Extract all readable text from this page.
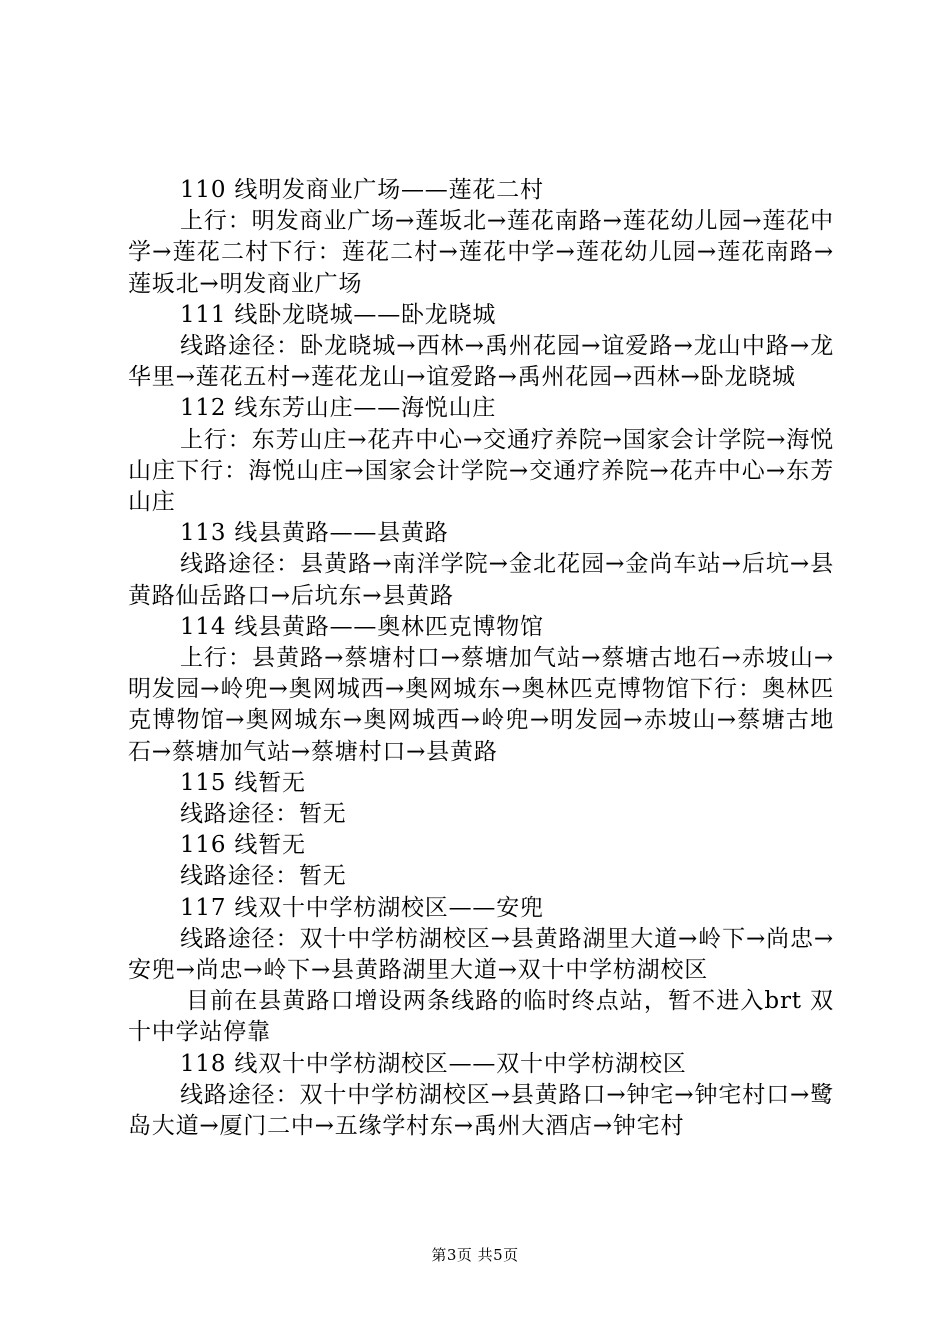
110 线明发商业广场——莲花二村

上行：明发商业广场→莲坂北→莲花南路→莲花幼儿园→莲花中学→莲花二村下行：莲花二村→莲花中学→莲花幼儿园→莲花南路→莲坂北→明发商业广场

111 线卧龙晓城——卧龙晓城

线路途径：卧龙晓城→西林→禹州花园→谊爱路→龙山中路→龙华里→莲花五村→莲花龙山→谊爱路→禹州花园→西林→卧龙晓城

112 线东芳山庄——海悦山庄

上行：东芳山庄→花卉中心→交通疗养院→国家会计学院→海悦山庄下行：海悦山庄→国家会计学院→交通疗养院→花卉中心→东芳山庄

113 线县黄路——县黄路

线路途径：县黄路→南洋学院→金北花园→金尚车站→后坑→县黄路仙岳路口→后坑东→县黄路

114 线县黄路——奥林匹克博物馆

上行：县黄路→蔡塘村口→蔡塘加气站→蔡塘古地石→赤坡山→明发园→岭兜→奥网城西→奥网城东→奥林匹克博物馆下行：奥林匹克博物馆→奥网城东→奥网城西→岭兜→明发园→赤坡山→蔡塘古地石→蔡塘加气站→蔡塘村口→县黄路

115 线暂无

线路途径：暂无

116 线暂无

线路途径：暂无

117 线双十中学枋湖校区——安兜

线路途径：双十中学枋湖校区→县黄路湖里大道→岭下→尚忠→安兜→尚忠→岭下→县黄路湖里大道→双十中学枋湖校区

目前在县黄路口增设两条线路的临时终点站，暂不进入brt 双十中学站停靠

118 线双十中学枋湖校区——双十中学枋湖校区

线路途径：双十中学枋湖校区→县黄路口→钟宅→钟宅村口→鹭岛大道→厦门二中→五缘学村东→禹州大酒店→钟宅村

第3页 共5页
